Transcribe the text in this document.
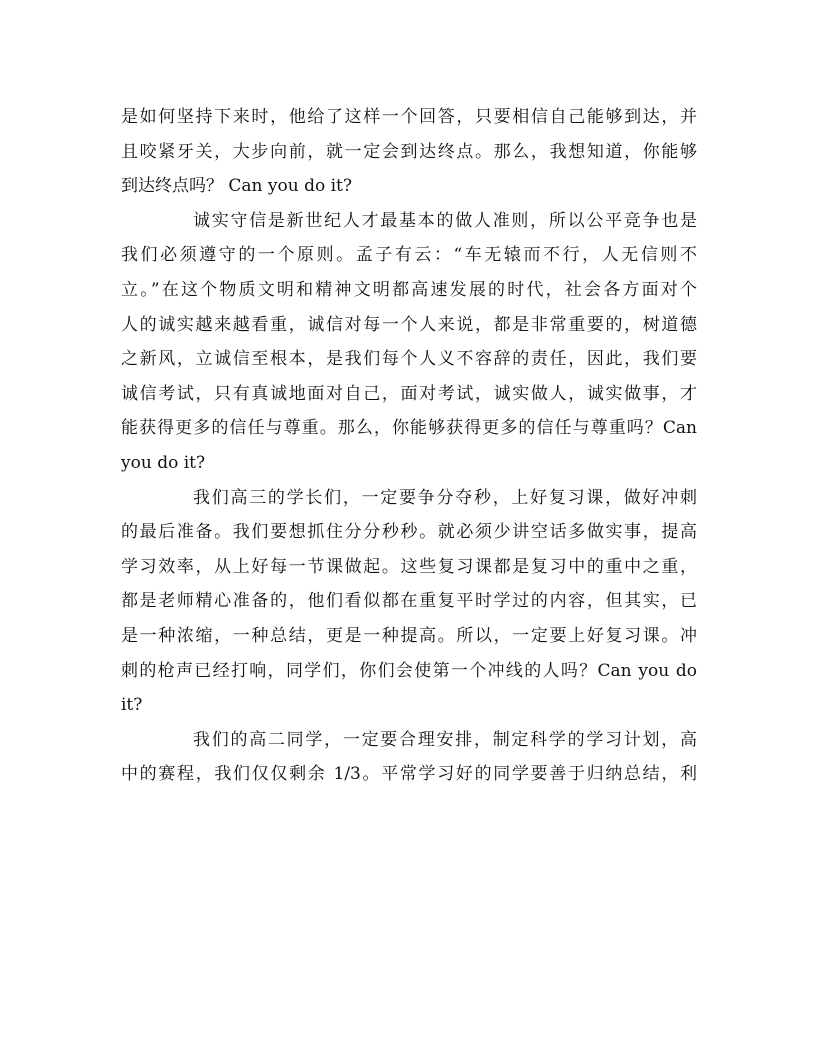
是如何坚持下来时，他给了这样一个回答，只要相信自己能够到达，并
且咬紧牙关，大步向前，就一定会到达终点。那么，我想知道，你能够
到达终点吗？ Can you do it?
诚实守信是新世纪人才最基本的做人准则，所以公平竞争也是
我们必须遵守的一个原则。孟子有云：“车无辕而不行，人无信则不
立。”在这个物质文明和精神文明都高速发展的时代，社会各方面对个
人的诚实越来越看重，诚信对每一个人来说，都是非常重要的，树道德
之新风，立诚信至根本，是我们每个人义不容辞的责任，因此，我们要
诚信考试，只有真诚地面对自己，面对考试，诚实做人，诚实做事，才
能获得更多的信任与尊重。那么，你能够获得更多的信任与尊重吗？Can
you do it?
我们高三的学长们，一定要争分夺秒，上好复习课，做好冲刺
的最后准备。我们要想抓住分分秒秒。就必须少讲空话多做实事，提高
学习效率，从上好每一节课做起。这些复习课都是复习中的重中之重，
都是老师精心准备的，他们看似都在重复平时学过的内容，但其实，已
是一种浓缩，一种总结，更是一种提高。所以，一定要上好复习课。冲
刺的枪声已经打响，同学们，你们会使第一个冲线的人吗？Can you do
it?
我们的高二同学，一定要合理安排，制定科学的学习计划，高
中的赛程，我们仅仅剩余 1/3。平常学习好的同学要善于归纳总结，利
